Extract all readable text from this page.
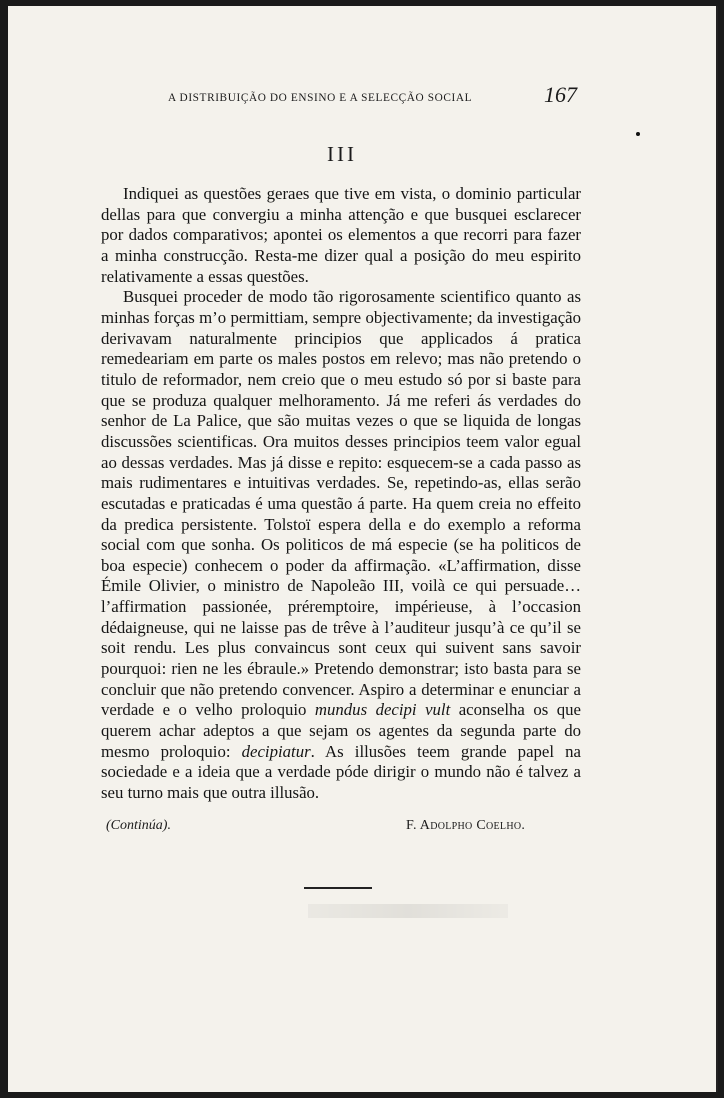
A DISTRIBUIÇÃO DO ENSINO E A SELECÇÃO SOCIAL	167
III

Indiquei as questões geraes que tive em vista, o dominio particular dellas para que convergiu a minha attenção e que busquei esclarecer por dados comparativos; apontei os elementos a que recorri para fazer a minha construcção. Resta-me dizer qual a posição do meu espirito relativamente a essas questões.

Busquei proceder de modo tão rigorosamente scientifico quanto as minhas forças m’o permittiam, sempre objectivamente; da investigação derivavam naturalmente principios que applicados á pratica remedeariam em parte os males postos em relevo; mas não pretendo o titulo de reformador, nem creio que o meu estudo só por si baste para que se produza qualquer melhoramento. Já me referi ás verdades do senhor de La Palice, que são muitas vezes o que se liquida de longas discussões scientificas. Ora muitos desses principios teem valor egual ao dessas verdades. Mas já disse e repito: esquecem-se a cada passo as mais rudimentares e intuitivas verdades. Se, repetindo-as, ellas serão escutadas e praticadas é uma questão á parte. Ha quem creia no effeito da predica persistente. Tolstoï espera della e do exemplo a reforma social com que sonha. Os politicos de má especie (se ha politicos de boa especie) conhecem o poder da affirmação. «L’affirmation, disse Émile Olivier, o ministro de Napoleão III, voilà ce qui persuade… l’affirmation passionée, préremptoire, impérieuse, à l’occasion dédaigneuse, qui ne laisse pas de trêve à l’auditeur jusqu’à ce qu’il se soit rendu. Les plus convaincus sont ceux qui suivent sans savoir pourquoi: rien ne les ébraule.» Pretendo demonstrar; isto basta para se concluir que não pretendo convencer. Aspiro a determinar e enunciar a verdade e o velho proloquio mundus decipi vult aconselha os que querem achar adeptos a que sejam os agentes da segunda parte do mesmo proloquio: decipiatur. As illusões teem grande papel na sociedade e a ideia que a verdade póde dirigir o mundo não é talvez a seu turno mais que outra illusão.

(Continúa).	F. Adolpho Coelho.
